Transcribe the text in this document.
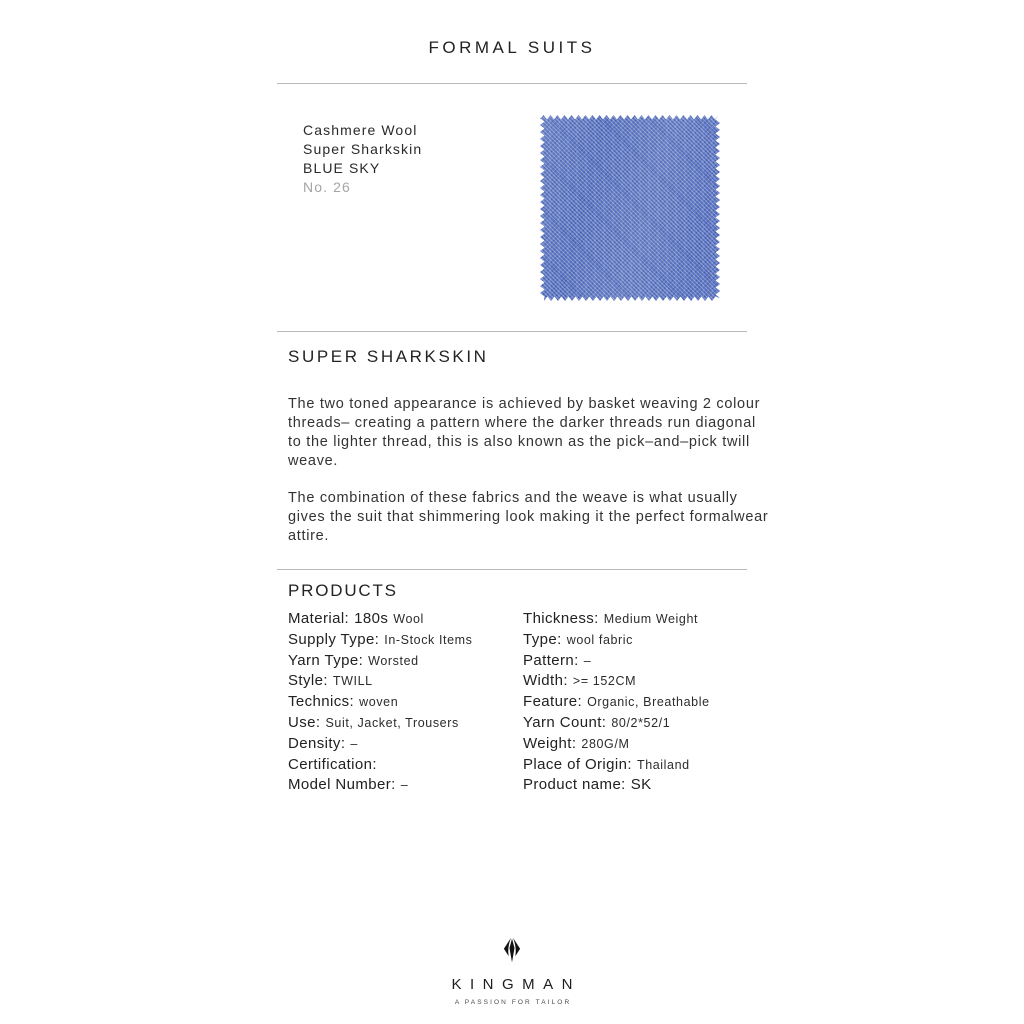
FORMAL SUITS
Cashmere Wool
Super Sharkskin
BLUE SKY
No. 26
SUPER SHARKSKIN

The two toned appearance is achieved by basket weaving 2 colour threads– creating a pattern where the darker threads run diagonal to the lighter thread, this is also known as the pick–and–pick twill weave.

The combination of these fabrics and the weave is what usually gives the suit that shimmering look making it the perfect formalwear attire.

PRODUCTS
Material: 180s Wool
Supply Type: In-Stock Items
Yarn Type: Worsted
Style: TWILL
Technics: woven
Use: Suit, Jacket, Trousers
Density: –
Certification:
Model Number: –
Thickness: Medium Weight
Type: wool fabric
Pattern: –
Width: >= 152CM
Feature: Organic, Breathable
Yarn Count: 80/2*52/1
Weight: 280G/M
Place of Origin: Thailand
Product name: SK
KINGMAN
A PASSION FOR TAILOR
